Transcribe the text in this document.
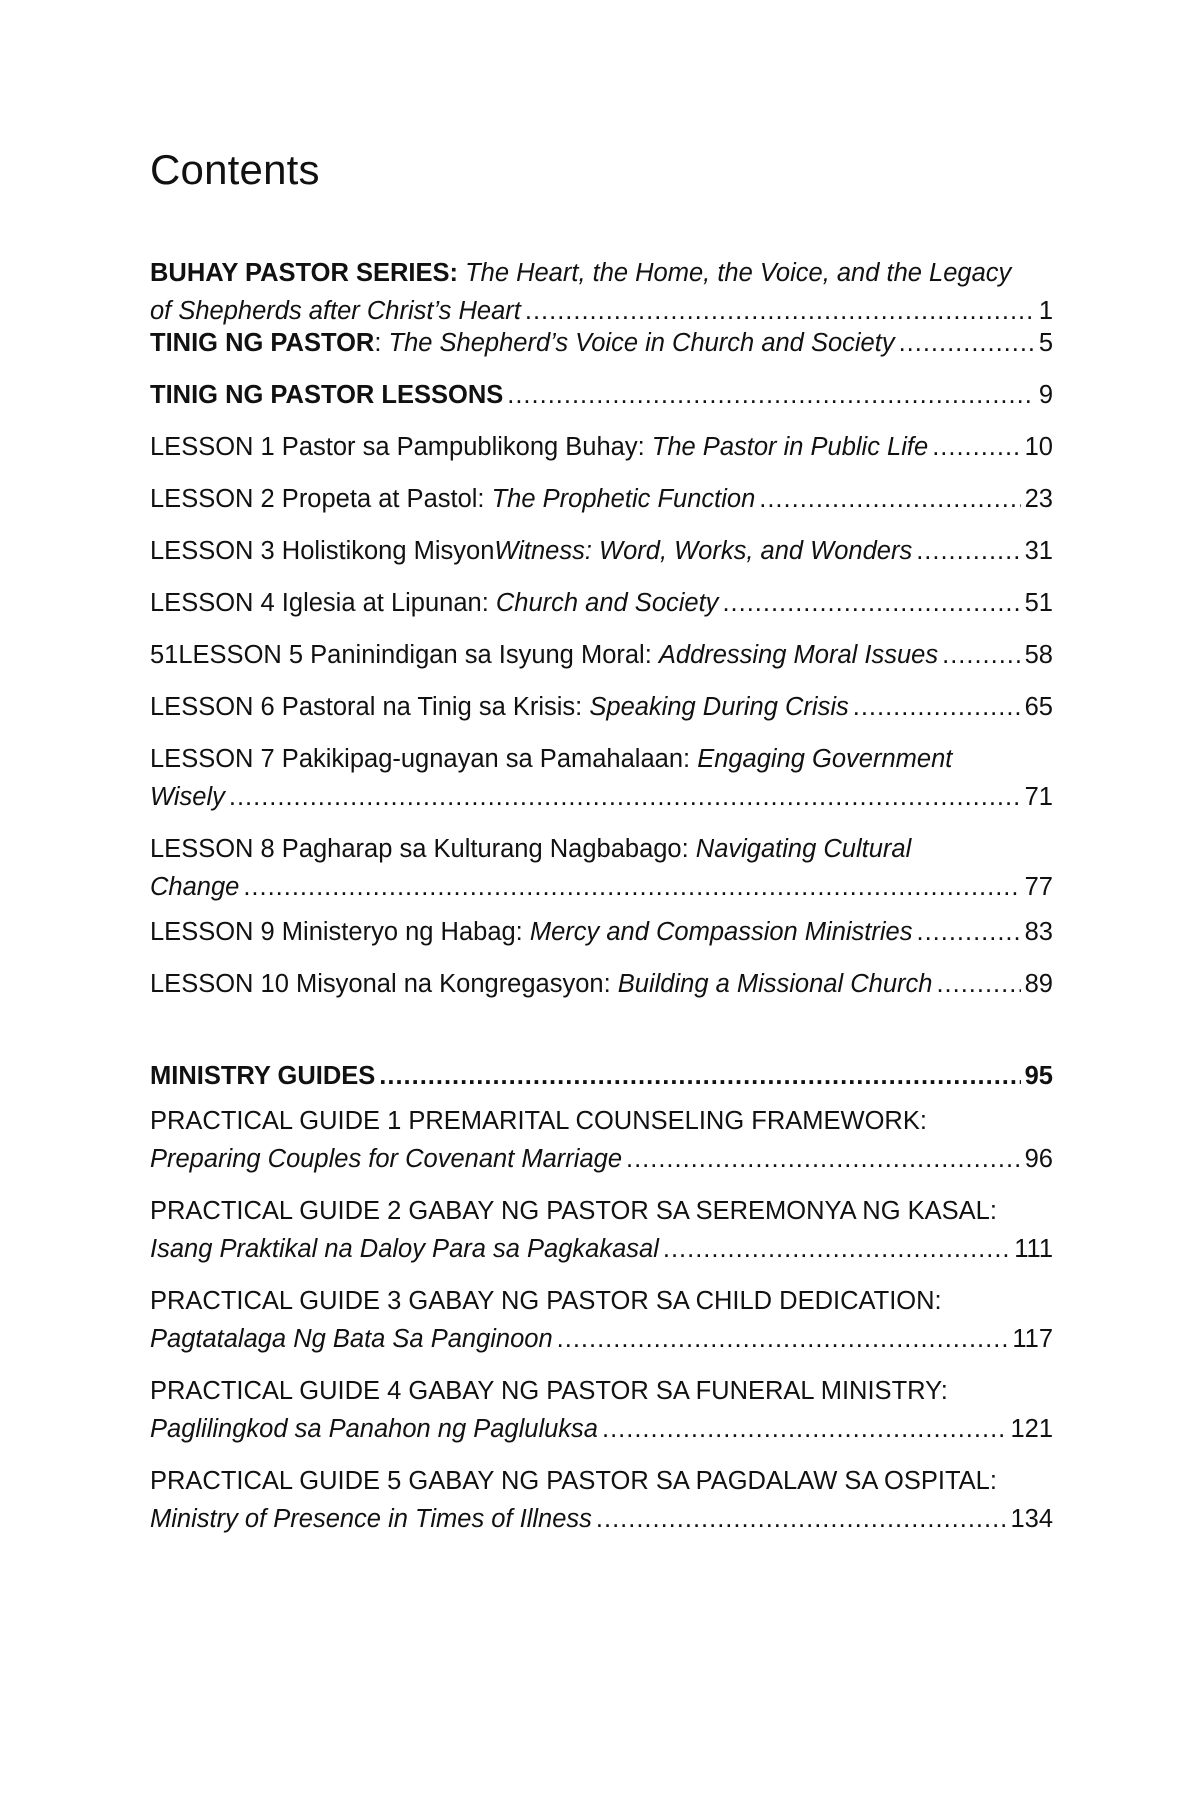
Contents
BUHAY PASTOR SERIES:
The Heart, the Home, the Voice, and the Legacy
of Shepherds after Christ’s Heart .....	1
TINIG NG PASTOR: The Shepherd’s Voice in Church and Society .....	5
TINIG NG PASTOR LESSONS .....	9
LESSON 1 Pastor sa Pampublikong Buhay: The Pastor in Public Life .....	10
LESSON 2 Propeta at Pastol: The Prophetic Function .....	23
LESSON 3 Holistikong MisyonWitness: Word, Works, and Wonders .....	31
LESSON 4 Iglesia at Lipunan: Church and Society .....	51
51LESSON 5 Paninindigan sa Isyung Moral: Addressing Moral Issues .....	58
LESSON 6 Pastoral na Tinig sa Krisis: Speaking During Crisis .....	65
LESSON 7 Pakikipag-ugnayan sa Pamahalaan:
Engaging Government
Wisely .....	71
LESSON 8 Pagharap sa Kulturang Nagbabago:
Navigating Cultural
Change .....	77
LESSON 9 Ministeryo ng Habag: Mercy and Compassion Ministries .....	83
LESSON 10 Misyonal na Kongregasyon: Building a Missional Church .....	89
MINISTRY GUIDES .....	95
PRACTICAL GUIDE 1 PREMARITAL COUNSELING FRAMEWORK:
Preparing Couples for Covenant Marriage .....	96
PRACTICAL GUIDE 2 GABAY NG PASTOR SA SEREMONYA NG KASAL:
Isang Praktikal na Daloy Para sa Pagkakasal .....	111
PRACTICAL GUIDE 3 GABAY NG PASTOR SA CHILD DEDICATION:
Pagtatalaga Ng Bata Sa Panginoon .....	117
PRACTICAL GUIDE 4 GABAY NG PASTOR SA FUNERAL MINISTRY:
Paglilingkod sa Panahon ng Pagluluksa .....	121
PRACTICAL GUIDE 5 GABAY NG PASTOR SA PAGDALAW SA OSPITAL:
Ministry of Presence in Times of Illness .....	134
